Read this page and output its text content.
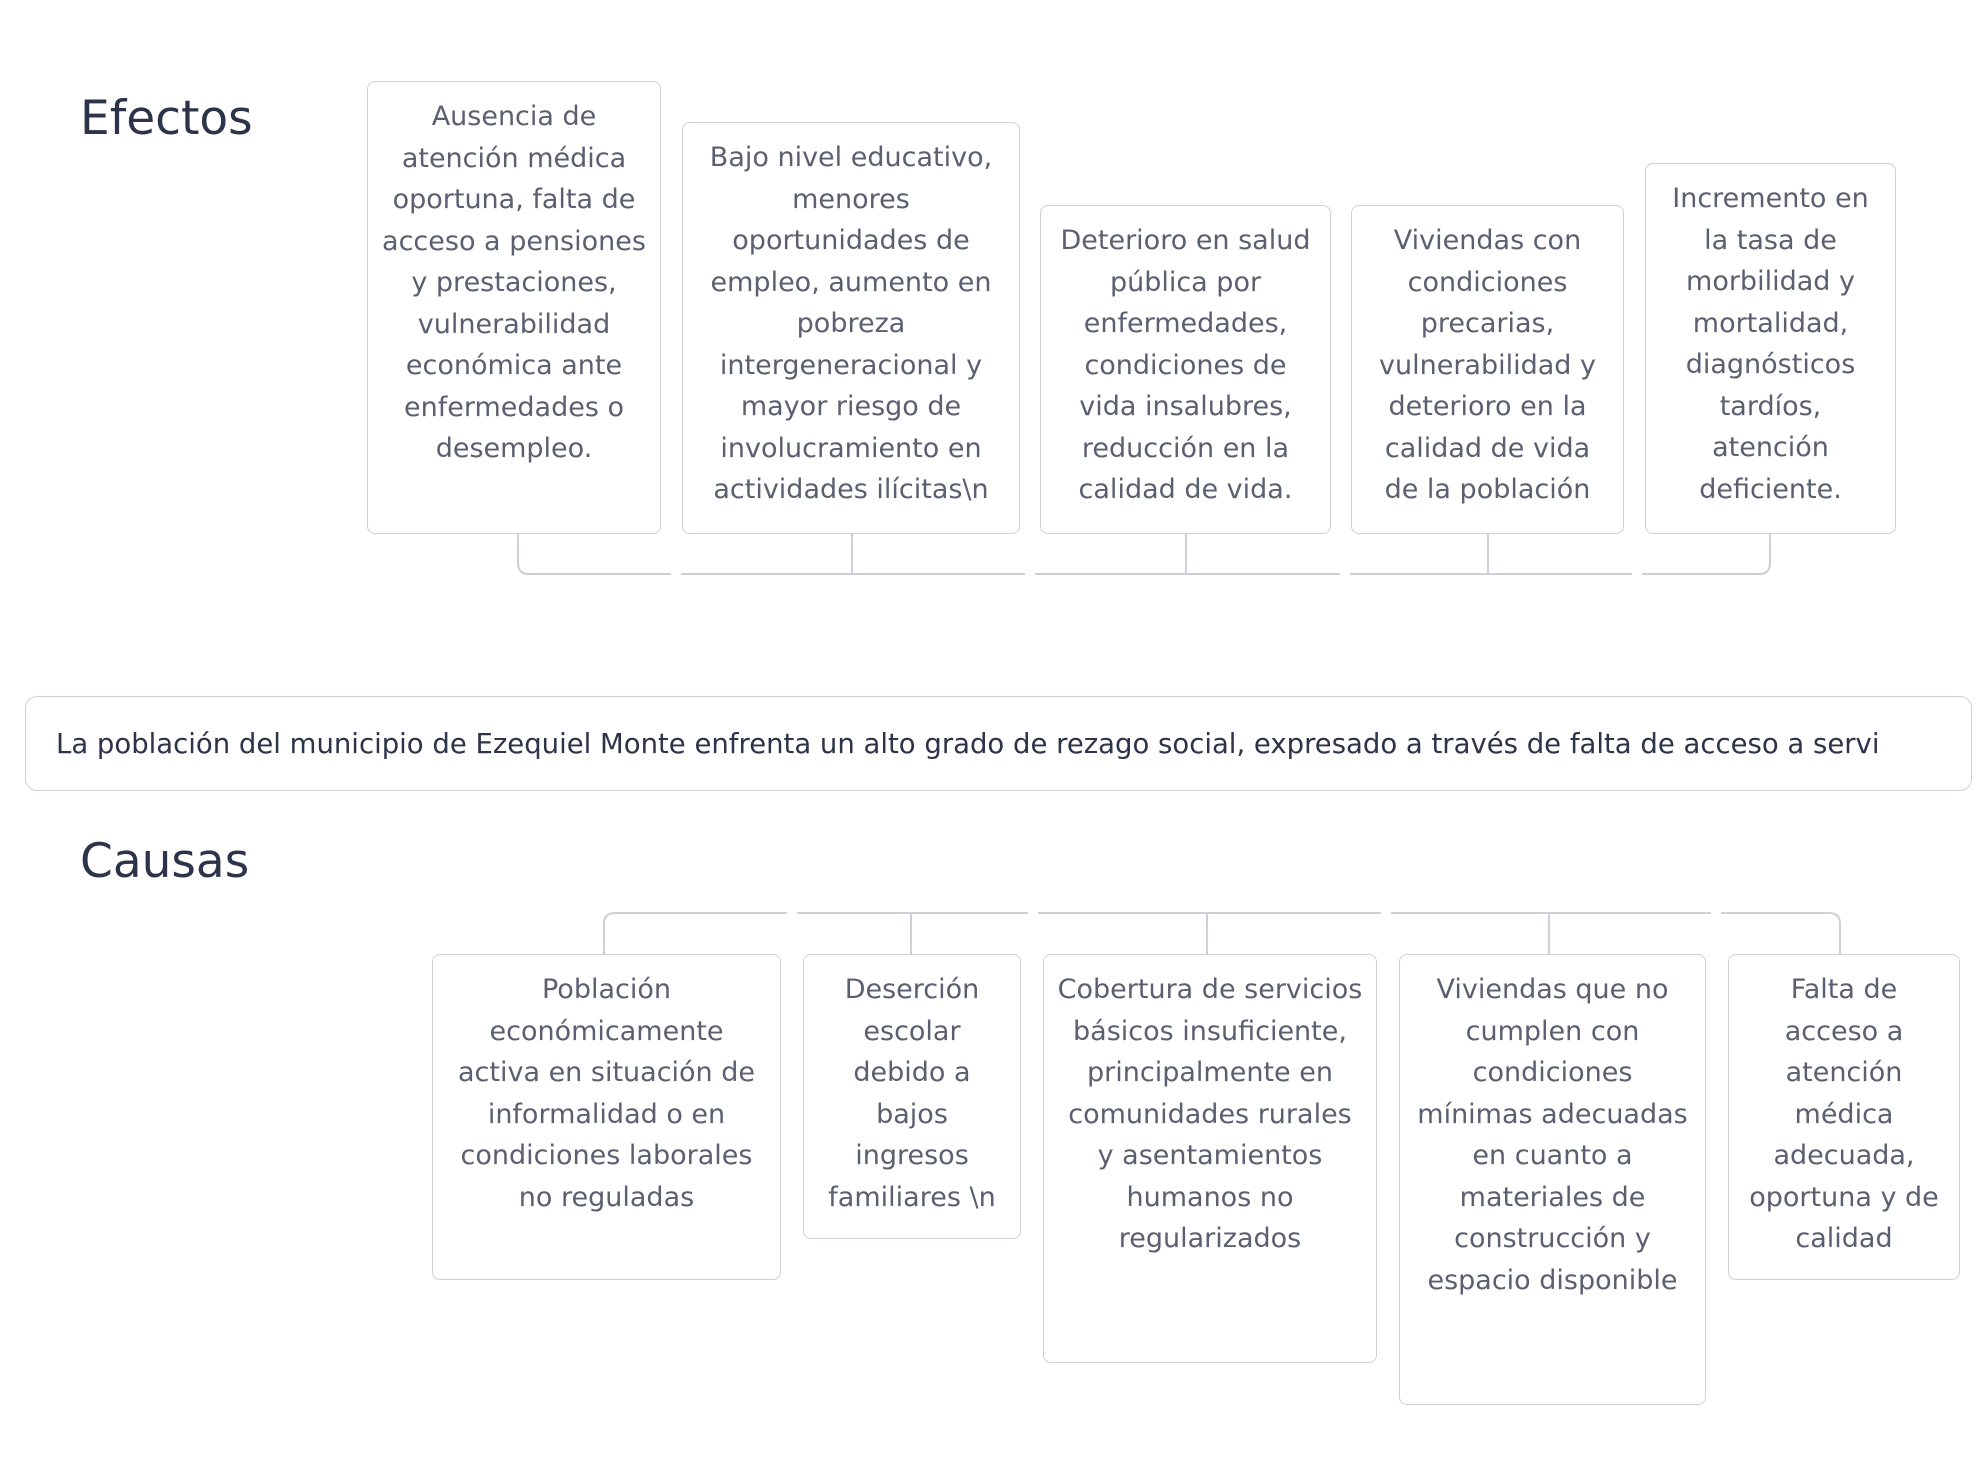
Efectos	Ausencia de atención médica oportuna, falta de acceso a pensiones y prestaciones, vulnerabilidad económica ante enfermedades o desempleo.
Bajo nivel educativo, menores oportunidades de empleo, aumento en pobreza intergeneracional y mayor riesgo de involucramiento en actividades ilícitas\n
Deterioro en salud pública por enfermedades, condiciones de vida insalubres, reducción en la calidad de vida.
Viviendas con condiciones precarias, vulnerabilidad y deterioro en la calidad de vida de la población
Incremento en la tasa de morbilidad y mortalidad, diagnósticos tardíos, atención deficiente.
La población del municipio de Ezequiel Monte enfrenta un alto grado de rezago social, expresado a través de falta de acceso a servi
Causas
Población económicamente activa en situación de informalidad o en condiciones laborales no reguladas
Deserción escolar debido a bajos ingresos familiares \n
Cobertura de servicios básicos insuficiente, principalmente en comunidades rurales y asentamientos humanos no regularizados
Viviendas que no cumplen con condiciones mínimas adecuadas en cuanto a materiales de construcción y espacio disponible
Falta de acceso a atención médica adecuada, oportuna y de calidad
